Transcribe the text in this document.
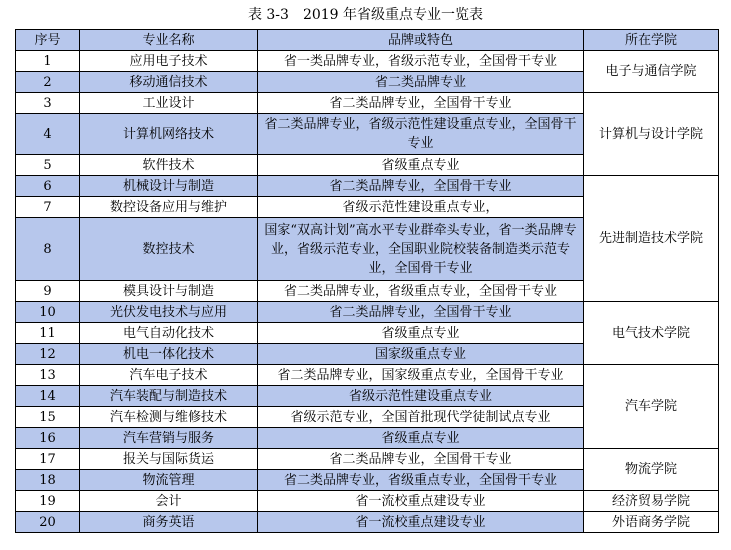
表 3-3　2019 年省级重点专业一览表
序号	专业名称	品牌或特色	所在学院
1	应用电子技术	省一类品牌专业，省级示范专业，全国骨干专业	电子与通信学院
2	移动通信技术	省二类品牌专业	
3	工业设计	省二类品牌专业，全国骨干专业	计算机与设计学院
4	计算机网络技术	省二类品牌专业，省级示范性建设重点专业，全国骨干专业	
5	软件技术	省级重点专业	
6	机械设计与制造	省二类品牌专业，全国骨干专业	先进制造技术学院
7	数控设备应用与维护	省级示范性建设重点专业，	
8	数控技术	国家“双高计划”高水平专业群牵头专业，省一类品牌专业，省级示范专业，全国职业院校装备制造类示范专业，全国骨干专业	
9	模具设计与制造	省二类品牌专业，省级重点专业，全国骨干专业	
10	光伏发电技术与应用	省二类品牌专业，全国骨干专业	电气技术学院
11	电气自动化技术	省级重点专业	
12	机电一体化技术	国家级重点专业	
13	汽车电子技术	省二类品牌专业，国家级重点专业，全国骨干专业	汽车学院
14	汽车装配与制造技术	省级示范性建设重点专业	
15	汽车检测与维修技术	省级示范专业，全国首批现代学徒制试点专业	
16	汽车营销与服务	省级重点专业	
17	报关与国际货运	省二类品牌专业，全国骨干专业	物流学院
18	物流管理	省二类品牌专业，省级重点专业，全国骨干专业	
19	会计	省一流校重点建设专业	经济贸易学院
20	商务英语	省一流校重点建设专业	外语商务学院
